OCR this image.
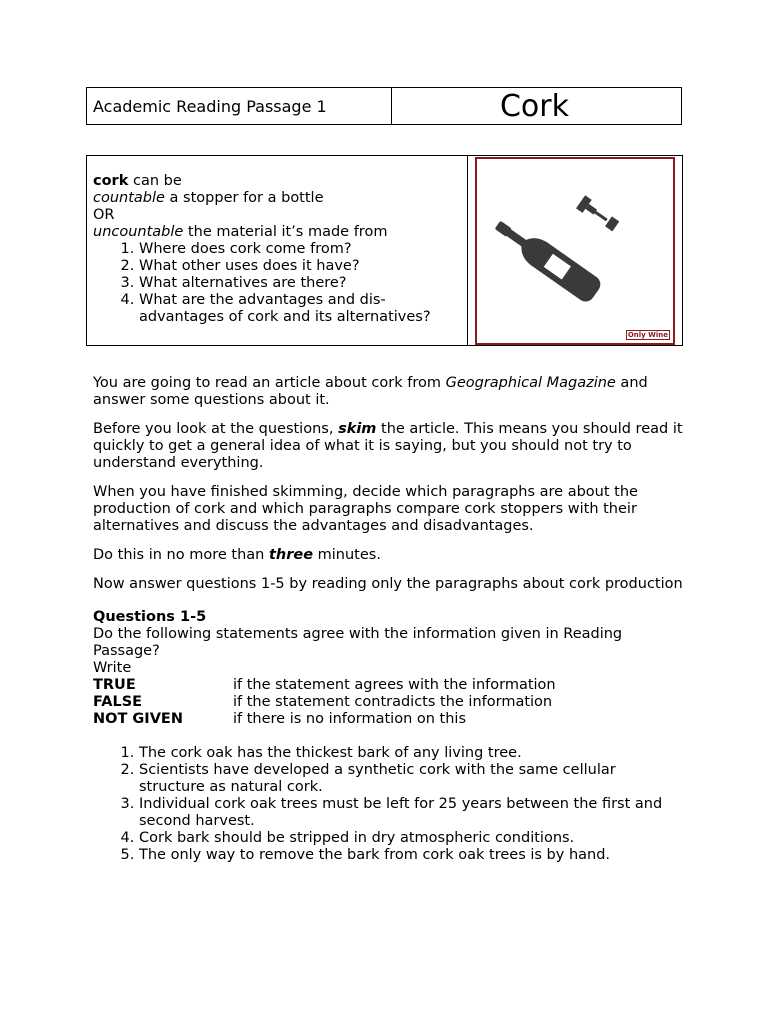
Academic Reading Passage 1	Cork
cork can be
countable a stopper for a bottle
OR
uncountable the material it’s made from
1. Where does cork come from?
2. What other uses does it have?
3. What alternatives are there?
4. What are the advantages and dis-advantages of cork and its alternatives?
Only Wine

You are going to read an article about cork from Geographical Magazine and answer some questions about it.

Before you look at the questions, skim the article. This means you should read it quickly to get a general idea of what it is saying, but you should not try to understand everything.

When you have finished skimming, decide which paragraphs are about the production of cork and which paragraphs compare cork stoppers with their alternatives and discuss the advantages and disadvantages.

Do this in no more than three minutes.

Now answer questions 1-5 by reading only the paragraphs about cork production

Questions 1-5
Do the following statements agree with the information given in Reading Passage?
Write
TRUE	if the statement agrees with the information
FALSE	if the statement contradicts the information
NOT GIVEN	if there is no information on this
1. The cork oak has the thickest bark of any living tree.
2. Scientists have developed a synthetic cork with the same cellular structure as natural cork.
3. Individual cork oak trees must be left for 25 years between the first and second harvest.
4. Cork bark should be stripped in dry atmospheric conditions.
5. The only way to remove the bark from cork oak trees is by hand.
